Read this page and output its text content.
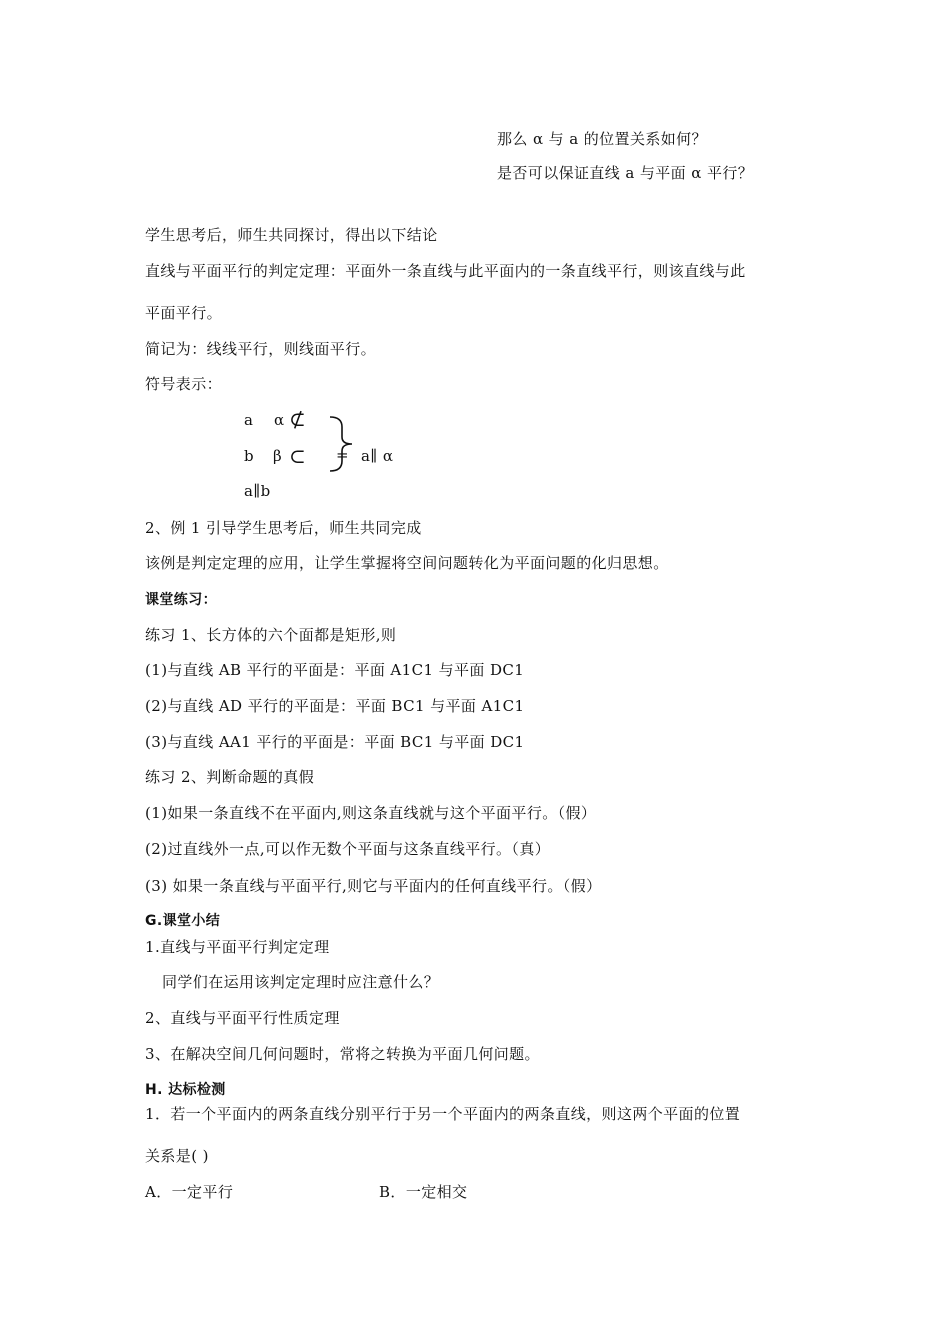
那么 α 与 a 的位置关系如何？
是否可以保证直线 a 与平面 α 平行？
学生思考后，师生共同探讨，得出以下结论
直线与平面平行的判定定理：平面外一条直线与此平面内的一条直线平行，则该直线与此
平面平行。
简记为：线线平行，则线面平行。
符号表示：
a α ⊄
b β ⊂
a∥b
= a∥ α
2、例 1 引导学生思考后，师生共同完成
该例是判定定理的应用，让学生掌握将空间问题转化为平面问题的化归思想。
课堂练习：
练习 1、长方体的六个面都是矩形,则
(1)与直线 AB 平行的平面是：平面 A1C1 与平面 DC1
(2)与直线 AD 平行的平面是：平面 BC1 与平面 A1C1
(3)与直线 AA1 平行的平面是：平面 BC1 与平面 DC1
练习 2、判断命题的真假
(1)如果一条直线不在平面内,则这条直线就与这个平面平行。（假）
(2)过直线外一点,可以作无数个平面与这条直线平行。（真）
(3) 如果一条直线与平面平行,则它与平面内的任何直线平行。（假）
G.课堂小结
1.直线与平面平行判定定理
同学们在运用该判定定理时应注意什么？
2、直线与平面平行性质定理
3、在解决空间几何问题时，常将之转换为平面几何问题。
H. 达标检测
1．若一个平面内的两条直线分别平行于另一个平面内的两条直线，则这两个平面的位置
关系是( )
A．一定平行	B．一定相交
